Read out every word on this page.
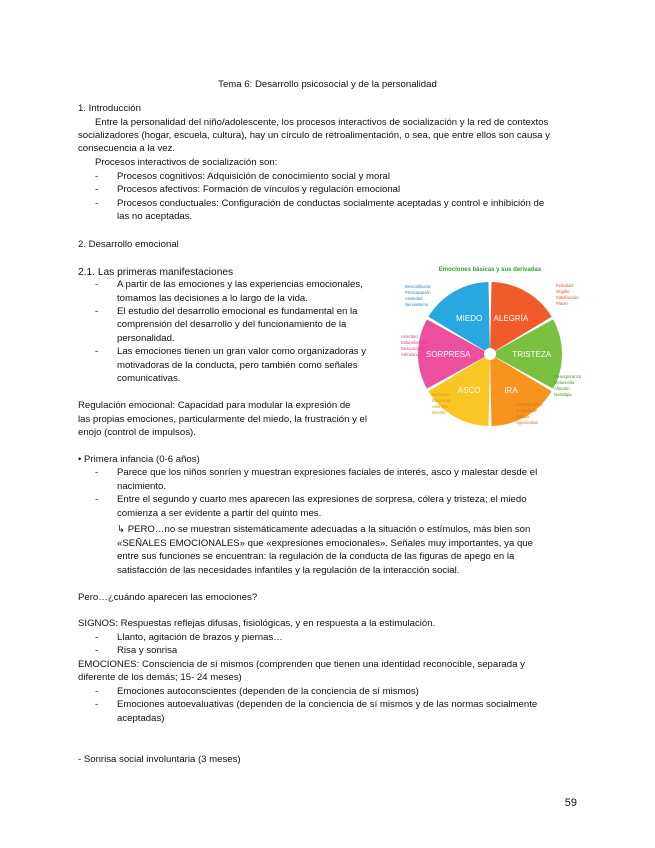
Tema 6: Desarrollo psicosocial y de la personalidad
1. Introducción
Entre la personalidad del niño/adolescente, los procesos interactivos de socialización y la red de contextos
socializadores (hogar, escuela, cultura), hay un círculo de retroalimentación, o sea, que entre ellos son causa y
consecuencia a la vez.
Procesos interactivos de socialización son:
- Procesos cognitivos: Adquisición de conocimiento social y moral
- Procesos afectivos: Formación de vínculos y regulación emocional
- Procesos conductuales: Configuración de conductas socialmente aceptadas y control e inhibición de
las no aceptadas.
2. Desarrollo emocional
2.1. Las primeras manifestaciones
- A partir de las emociones y las experiencias emocionales,
tomamos las decisiones a lo largo de la vida.
- El estudio del desarrollo emocional es fundamental en la
comprensión del desarrollo y del funcionamiento de la
personalidad.
- Las emociones tienen un gran valor como organizadoras y
motivadoras de la conducta, pero también como señales
comunicativas.
Regulación emocional: Capacidad para modular la expresión de
las propias emociones, particularmente del miedo, la frustración y el
enojo (control de impulsos).
Emociones básicas y sus derivadas
MIEDO ALEGRÍA
TRISTEZA
IRA
ASCO
SORPRESA
Desconfianza
Preocupación
Ansiedad
Nerviosismo
Felicidad
Orgullo
Satisfacción
Placer
Desesperanza
Melancolía
Aflicción
Nostalgia
Resentimiento
Indignación
Enfado
Agresividad
Rechazo
Desprecio
Aversión
Desdén
Asombro
Estupefacción
Desconcierto
Admiración
• Primera infancia (0-6 años)
- Parece que los niños sonríen y muestran expresiones faciales de interés, asco y malestar desde el
nacimiento.
- Entre el segundo y cuarto mes aparecen las expresiones de sorpresa, cólera y tristeza; el miedo
comienza a ser evidente a partir del quinto mes.
↳ PERO…no se muestran sistemáticamente adecuadas a la situación o estímulos, más bien son
«SEÑALES EMOCIONALES» que «expresiones emocionales». Señales muy importantes, ya que
entre sus funciones se encuentran: la regulación de la conducta de las figuras de apego en la
satisfacción de las necesidades infantiles y la regulación de la interacción social.
Pero…¿cuándo aparecen las emociones?
SIGNOS: Respuestas reflejas difusas, fisiológicas, y en respuesta a la estimulación.
- Llanto, agitación de brazos y piernas…
- Risa y sonrisa
EMOCIONES: Consciencia de sí mismos (comprenden que tienen una identidad reconocible, separada y
diferente de los demás; 15- 24 meses)
- Emociones autoconscientes (dependen de la conciencia de sí mismos)
- Emociones autoevaluativas (dependen de la conciencia de sí mismos y de las normas socialmente
aceptadas)
- Sonrisa social involuntaria (3 meses)
59
